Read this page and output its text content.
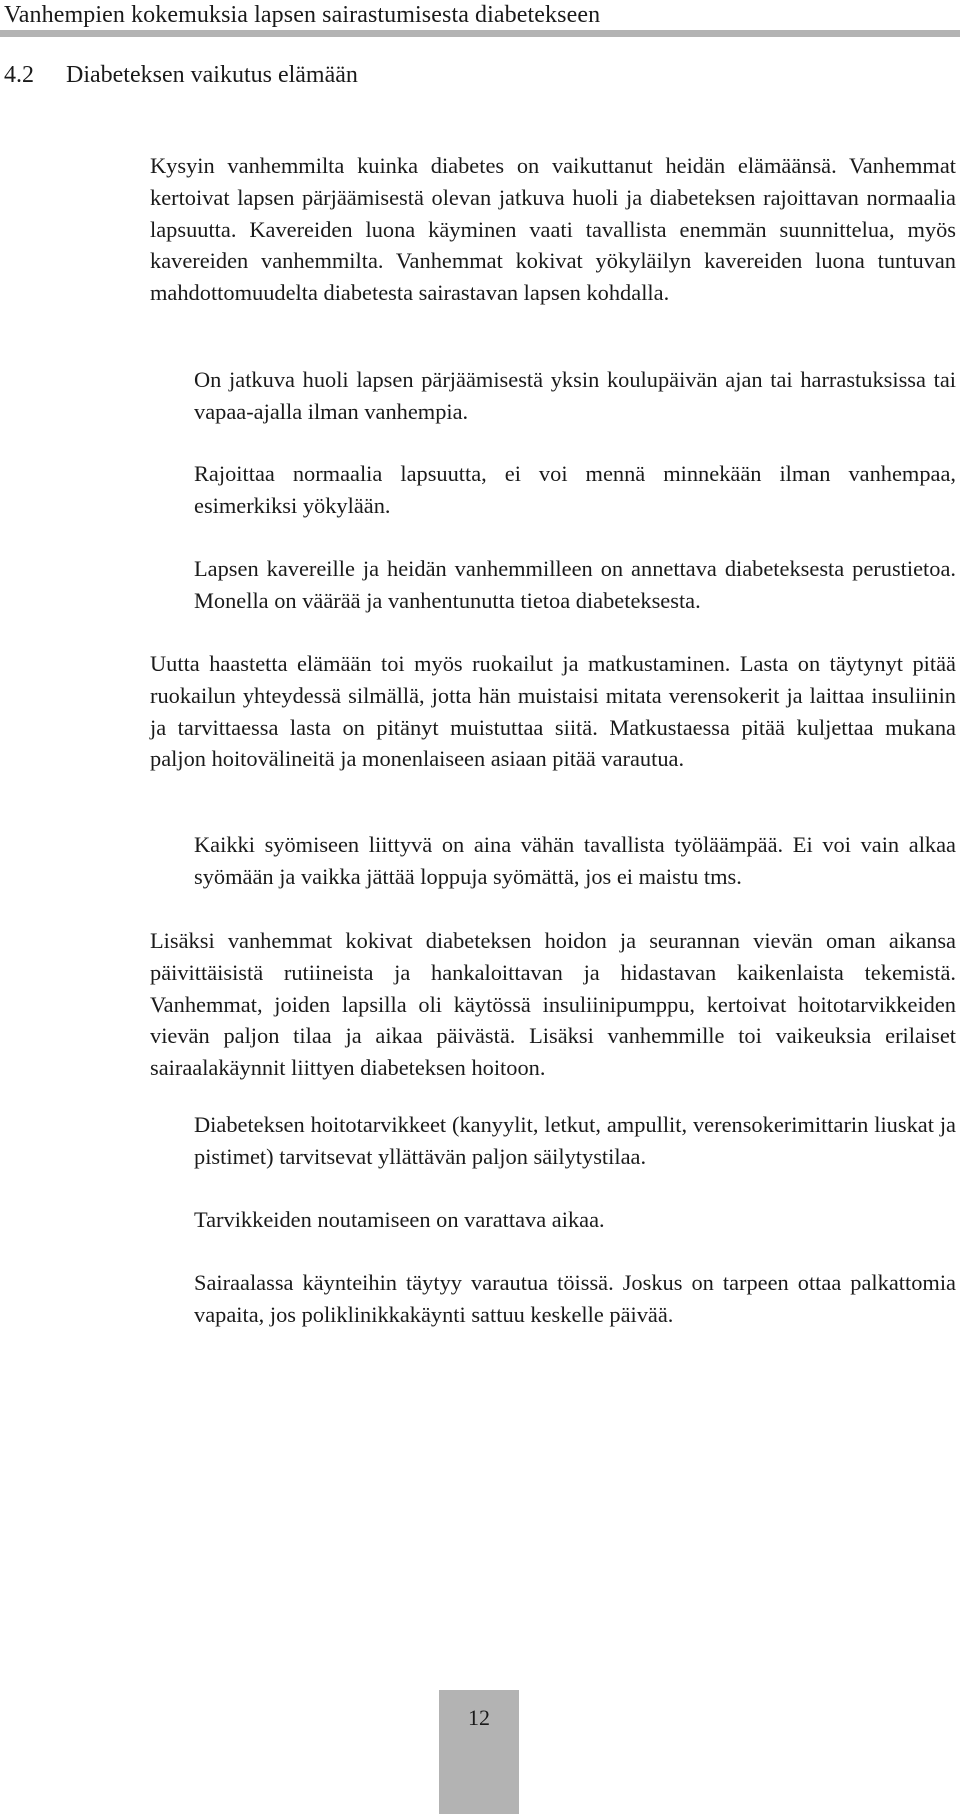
Vanhempien kokemuksia lapsen sairastumisesta diabetekseen
4.2 Diabeteksen vaikutus elämään

Kysyin vanhemmilta kuinka diabetes on vaikuttanut heidän elämäänsä. Vanhemmat kertoivat lapsen pärjäämisestä olevan jatkuva huoli ja diabeteksen rajoittavan normaalia lapsuutta. Kavereiden luona käyminen vaati tavallista enemmän suunnittelua, myös kavereiden vanhemmilta. Vanhemmat kokivat yökyläilyn kavereiden luona tuntuvan mahdottomuudelta diabetesta sairastavan lapsen kohdalla.

On jatkuva huoli lapsen pärjäämisestä yksin koulupäivän ajan tai harrastuksissa tai vapaa-ajalla ilman vanhempia.

Rajoittaa normaalia lapsuutta, ei voi mennä minnekään ilman vanhempaa, esimerkiksi yökylään.

Lapsen kavereille ja heidän vanhemmilleen on annettava diabeteksesta perustietoa. Monella on väärää ja vanhentunutta tietoa diabeteksesta.

Uutta haastetta elämään toi myös ruokailut ja matkustaminen. Lasta on täytynyt pitää ruokailun yhteydessä silmällä, jotta hän muistaisi mitata verensokerit ja laittaa insuliinin ja tarvittaessa lasta on pitänyt muistuttaa siitä. Matkustaessa pitää kuljettaa mukana paljon hoitovälineitä ja monenlaiseen asiaan pitää varautua.

Kaikki syömiseen liittyvä on aina vähän tavallista työläämpää. Ei voi vain alkaa syömään ja vaikka jättää loppuja syömättä, jos ei maistu tms.

Lisäksi vanhemmat kokivat diabeteksen hoidon ja seurannan vievän oman aikansa päivittäisistä rutiineista ja hankaloittavan ja hidastavan kaikenlaista tekemistä. Vanhemmat, joiden lapsilla oli käytössä insuliinipumppu, kertoivat hoitotarvikkeiden vievän paljon tilaa ja aikaa päivästä. Lisäksi vanhemmille toi vaikeuksia erilaiset sairaalakäynnit liittyen diabeteksen hoitoon.

Diabeteksen hoitotarvikkeet (kanyylit, letkut, ampullit, verensokerimittarin liuskat ja pistimet) tarvitsevat yllättävän paljon säilytystilaa.

Tarvikkeiden noutamiseen on varattava aikaa.

Sairaalassa käynteihin täytyy varautua töissä. Joskus on tarpeen ottaa palkattomia vapaita, jos poliklinikkakäynti sattuu keskelle päivää.

12
